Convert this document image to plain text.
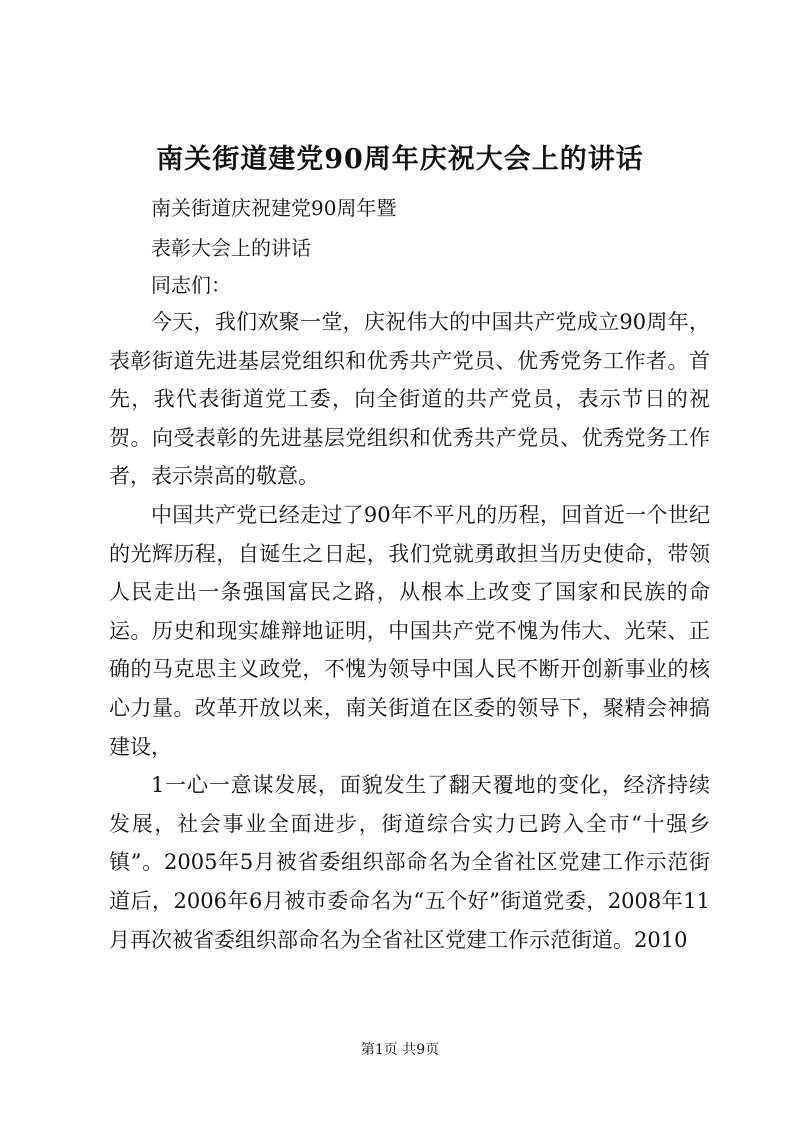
南关街道建党90周年庆祝大会上的讲话
南关街道庆祝建党90周年暨
表彰大会上的讲话
同志们：

今天，我们欢聚一堂，庆祝伟大的中国共产党成立90周年，表彰街道先进基层党组织和优秀共产党员、优秀党务工作者。首先，我代表街道党工委，向全街道的共产党员，表示节日的祝贺。向受表彰的先进基层党组织和优秀共产党员、优秀党务工作者，表示崇高的敬意。

中国共产党已经走过了90年不平凡的历程，回首近一个世纪的光辉历程，自诞生之日起，我们党就勇敢担当历史使命，带领人民走出一条强国富民之路，从根本上改变了国家和民族的命运。历史和现实雄辩地证明，中国共产党不愧为伟大、光荣、正确的马克思主义政党，不愧为领导中国人民不断开创新事业的核心力量。改革开放以来，南关街道在区委的领导下，聚精会神搞建设，

1一心一意谋发展，面貌发生了翻天覆地的变化，经济持续发展，社会事业全面进步，街道综合实力已跨入全市“十强乡镇”。2005年5月被省委组织部命名为全省社区党建工作示范街道后，2006年6月被市委命名为“五个好”街道党委，2008年11月再次被省委组织部命名为全省社区党建工作示范街道。2010

第1页 共9页
